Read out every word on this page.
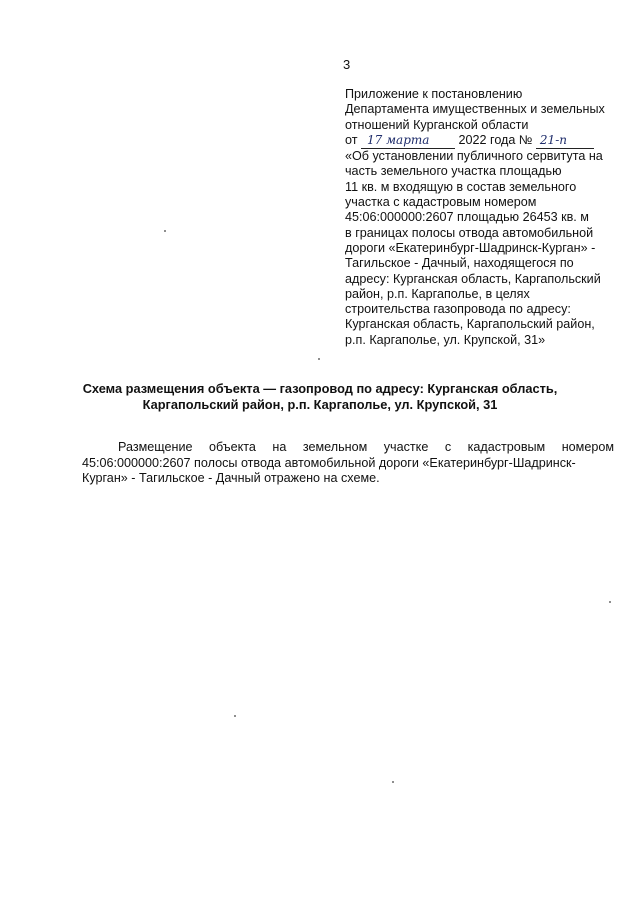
3
Приложение к постановлению
Департамента имущественных и земельных
отношений Курганской области
от 17 марта 2022 года № 21-п
«Об установлении публичного сервитута на
часть земельного участка площадью
11 кв. м входящую в состав земельного
участка с кадастровым номером
45:06:000000:2607 площадью 26453 кв. м
в границах полосы отвода автомобильной
дороги «Екатеринбург-Шадринск-Курган» -
Тагильское - Дачный, находящегося по
адресу: Курганская область, Каргапольский
район, р.п. Каргаполье, в целях
строительства газопровода по адресу:
Курганская область, Каргапольский район,
р.п. Каргаполье, ул. Крупской, 31»
Схема размещения объекта — газопровод по адресу: Курганская область,
Каргапольский район, р.п. Каргаполье, ул. Крупской, 31
Размещение объекта на земельном участке с кадастровым номером
45:06:000000:2607 полосы отвода автомобильной дороги «Екатеринбург-Шадринск-
Курган» - Тагильское - Дачный отражено на схеме.
